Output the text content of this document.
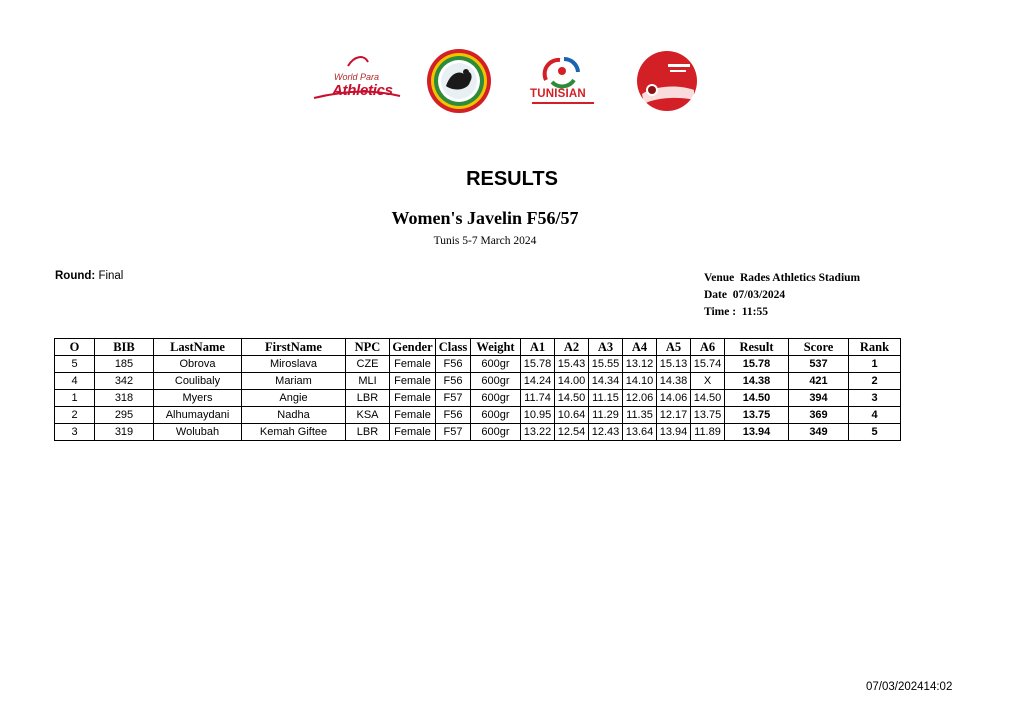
World Para
Athletics	TUNISIAN
RESULTS
Women's Javelin F56/57
Tunis 5-7 March 2024
Round: Final	Venue Rades Athletics Stadium
Date 07/03/2024
Time : 11:55
O	BIB	LastName	FirstName	NPC	Gender	Class	Weight	A1	A2	A3	A4	A5	A6	Result	Score	Rank
5	185	Obrova	Miroslava	CZE	Female	F56	600gr	15.78	15.43	15.55	13.12	15.13	15.74	15.78	537	1
4	342	Coulibaly	Mariam	MLI	Female	F56	600gr	14.24	14.00	14.34	14.10	14.38	X	14.38	421	2
1	318	Myers	Angie	LBR	Female	F57	600gr	11.74	14.50	11.15	12.06	14.06	14.50	14.50	394	3
2	295	Alhumaydani	Nadha	KSA	Female	F56	600gr	10.95	10.64	11.29	11.35	12.17	13.75	13.75	369	4
3	319	Wolubah	Kemah Giftee	LBR	Female	F57	600gr	13.22	12.54	12.43	13.64	13.94	11.89	13.94	349	5
07/03/202414:02
